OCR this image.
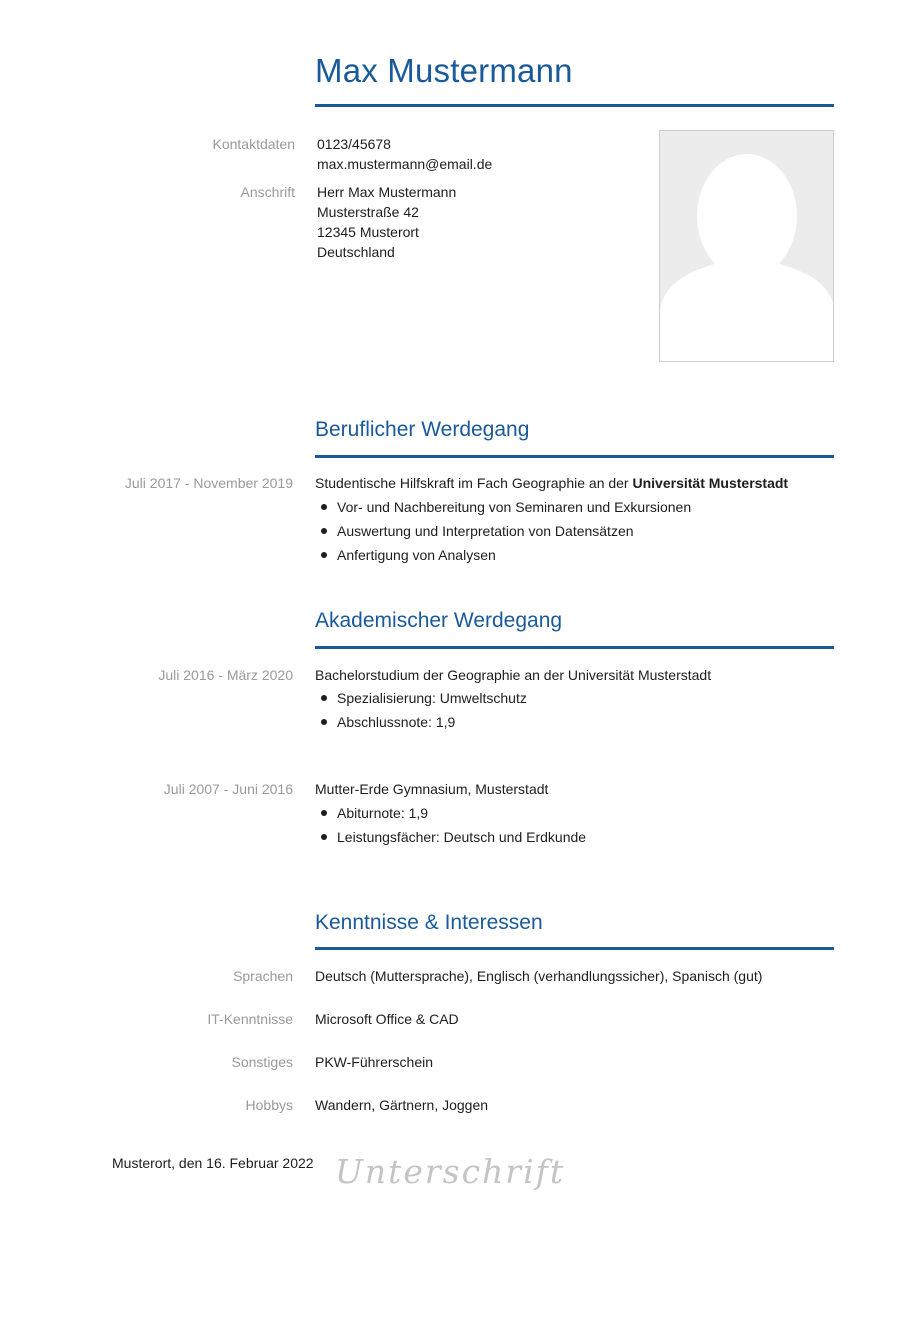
Max Mustermann
Kontaktdaten 0123/45678
max.mustermann@email.de
Anschrift Herr Max Mustermann
Musterstraße 42
12345 Musterort
Deutschland
Beruflicher Werdegang
Juli 2017 - November 2019 Studentische Hilfskraft im Fach Geographie an der Universität Musterstadt
Vor- und Nachbereitung von Seminaren und Exkursionen
Auswertung und Interpretation von Datensätzen
Anfertigung von Analysen
Akademischer Werdegang
Juli 2016 - März 2020 Bachelorstudium der Geographie an der Universität Musterstadt
Spezialisierung: Umweltschutz
Abschlussnote: 1,9
Juli 2007 - Juni 2016 Mutter-Erde Gymnasium, Musterstadt
Abiturnote: 1,9
Leistungsfächer: Deutsch und Erdkunde
Kenntnisse & Interessen
Sprachen Deutsch (Muttersprache), Englisch (verhandlungssicher), Spanisch (gut)
IT-Kenntnisse Microsoft Office & CAD
Sonstiges PKW-Führerschein
Hobbys Wandern, Gärtnern, Joggen
Musterort, den 16. Februar 2022 Unterschrift
